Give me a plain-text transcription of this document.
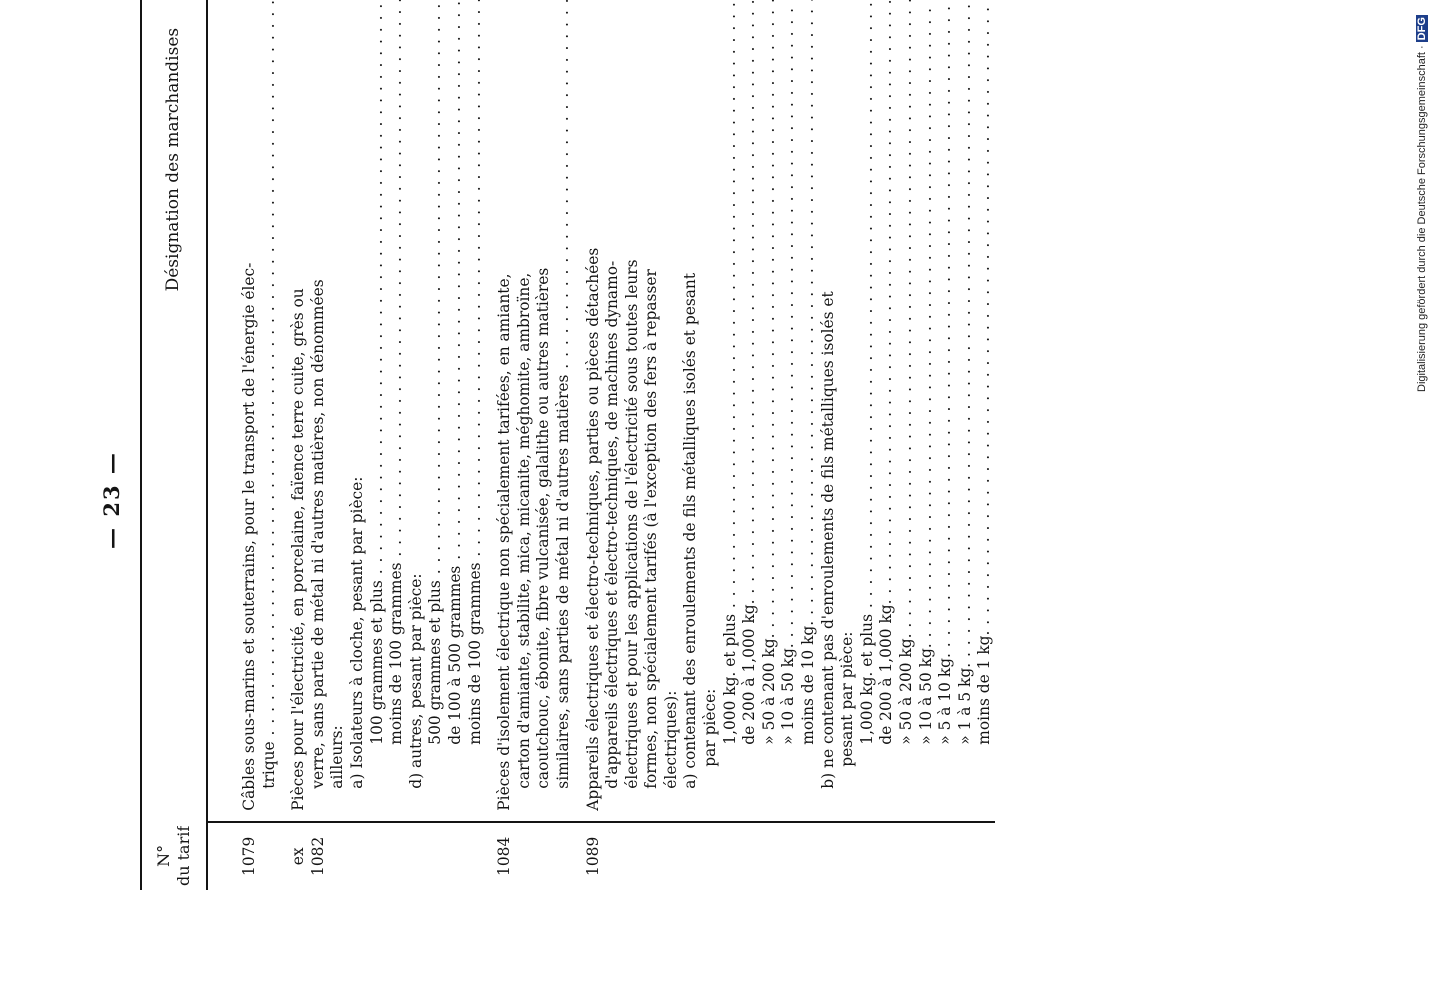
— 23 —
N° du tarif	Désignation des marchandises	

1079	Câbles sous-marins et souterrains, pour le transport de l'énergie élec- trique . . .

ex 1082	Pièces pour l'électricité, en porcelaine, faïence terre cuite, grès ou verre, sans partie de métal ni d'autres matières, non dénommées ailleurs:		

	a) Isolateurs à cloche, pesant par pièce:		

	100 grammes et plus . . .

	moins de 100 grammes . . .

	d) autres, pesant par pièce:		

	500 grammes et plus . . .

	de 100 à 500 grammes . . .

	moins de 100 grammes . . .

1084	Pièces d'isolement électrique non spécialement tarifées, en amiante, carton d'amiante, stabilite, mica, micanite, méghomite, ambroïne, caoutchouc, ébonite, fibre vulcanisée, galalithe ou autres matières similaires, sans parties de métal ni d'autres matières . . .

1089	Appareils électriques et électro-techniques, parties ou pièces détachées d'appareils électriques et électro-techniques, de machines dynamo- électriques et pour les applications de l'électricité sous toutes leurs formes, non spécialement tarifés (à l'exception des fers à repasser électriques):		

	a) contenant des enroulements de fils métalliques isolés et pesant		

	par pièce:		

	1,000 kg. et plus . . .

	de 200 à 1,000 kg. . . .

	» 50 à 200 kg. . . .

	» 10 à 50 kg. . . .

	moins de 10 kg. . . .

	b) ne contenant pas d'enroulements de fils métalliques isolés et		

	pesant par pièce:		

	1,000 kg. et plus . . .

	de 200 à 1,000 kg. . . .

	» 50 à 200 kg. . . .

	» 10 à 50 kg. . . .

	» 5 à 10 kg. . . .

	» 1 à 5 kg. . . .

	moins de 1 kg. . . .

Digitalisierung gefördert durch die Deutsche Forschungsgemeinschaft ·DFG
